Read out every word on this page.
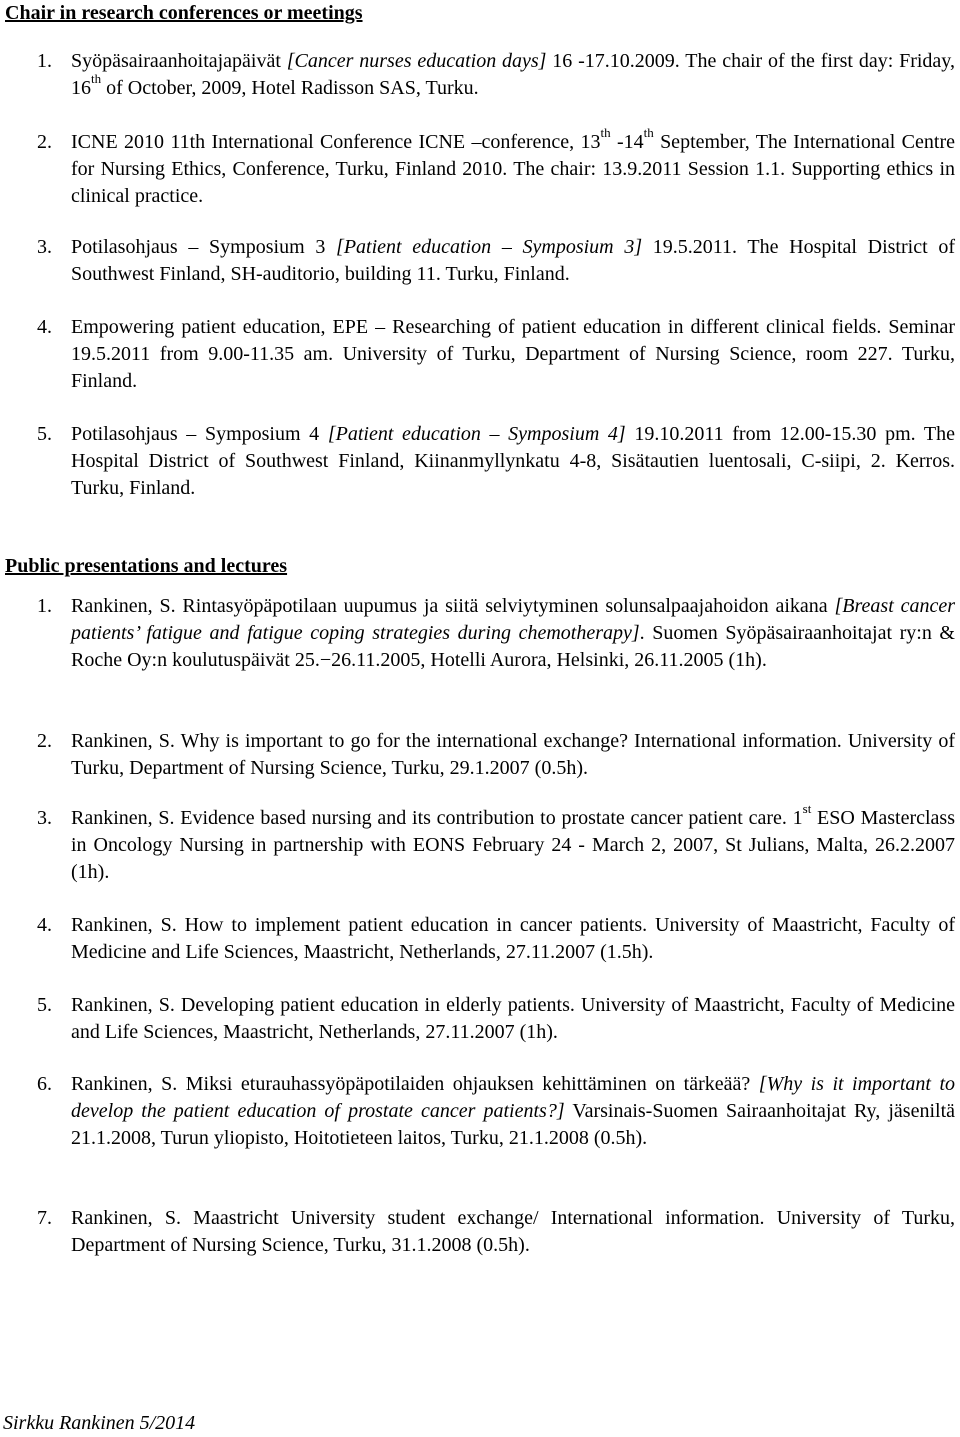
Chair in research conferences or meetings
1. Syöpäsairaanhoitajapäivät [Cancer nurses education days] 16 -17.10.2009. The chair of the first day: Friday, 16th of October, 2009, Hotel Radisson SAS, Turku.
2. ICNE 2010 11th International Conference ICNE –conference, 13th -14th September, The International Centre for Nursing Ethics, Conference, Turku, Finland 2010. The chair: 13.9.2011 Session 1.1. Supporting ethics in clinical practice.
3. Potilasohjaus – Symposium 3 [Patient education – Symposium 3] 19.5.2011. The Hospital District of Southwest Finland, SH-auditorio, building 11. Turku, Finland.
4. Empowering patient education, EPE – Researching of patient education in different clinical fields. Seminar 19.5.2011 from 9.00-11.35 am. University of Turku, Department of Nursing Science, room 227. Turku, Finland.
5. Potilasohjaus – Symposium 4 [Patient education – Symposium 4] 19.10.2011 from 12.00-15.30 pm. The Hospital District of Southwest Finland, Kiinanmyllynkatu 4-8, Sisätautien luentosali, C-siipi, 2. Kerros. Turku, Finland.
Public presentations and lectures
1. Rankinen, S. Rintasyöpäpotilaan uupumus ja siitä selviytyminen solunsalpaajahoidon aikana [Breast cancer patients’ fatigue and fatigue coping strategies during chemotherapy]. Suomen Syöpäsairaanhoitajat ry:n & Roche Oy:n koulutuspäivät 25.−26.11.2005, Hotelli Aurora, Helsinki, 26.11.2005 (1h).
2. Rankinen, S. Why is important to go for the international exchange? International information. University of Turku, Department of Nursing Science, Turku, 29.1.2007 (0.5h).
3. Rankinen, S. Evidence based nursing and its contribution to prostate cancer patient care. 1st ESO Masterclass in Oncology Nursing in partnership with EONS February 24 - March 2, 2007, St Julians, Malta, 26.2.2007 (1h).
4. Rankinen, S. How to implement patient education in cancer patients. University of Maastricht, Faculty of Medicine and Life Sciences, Maastricht, Netherlands, 27.11.2007 (1.5h).
5. Rankinen, S. Developing patient education in elderly patients. University of Maastricht, Faculty of Medicine and Life Sciences, Maastricht, Netherlands, 27.11.2007 (1h).
6. Rankinen, S. Miksi eturauhassyöpäpotilaiden ohjauksen kehittäminen on tärkeää? [Why is it important to develop the patient education of prostate cancer patients?] Varsinais-Suomen Sairaanhoitajat Ry, jäseniltä 21.1.2008, Turun yliopisto, Hoitotieteen laitos, Turku, 21.1.2008 (0.5h).
7. Rankinen, S. Maastricht University student exchange/ International information. University of Turku, Department of Nursing Science, Turku, 31.1.2008 (0.5h).
Sirkku Rankinen 5/2014
